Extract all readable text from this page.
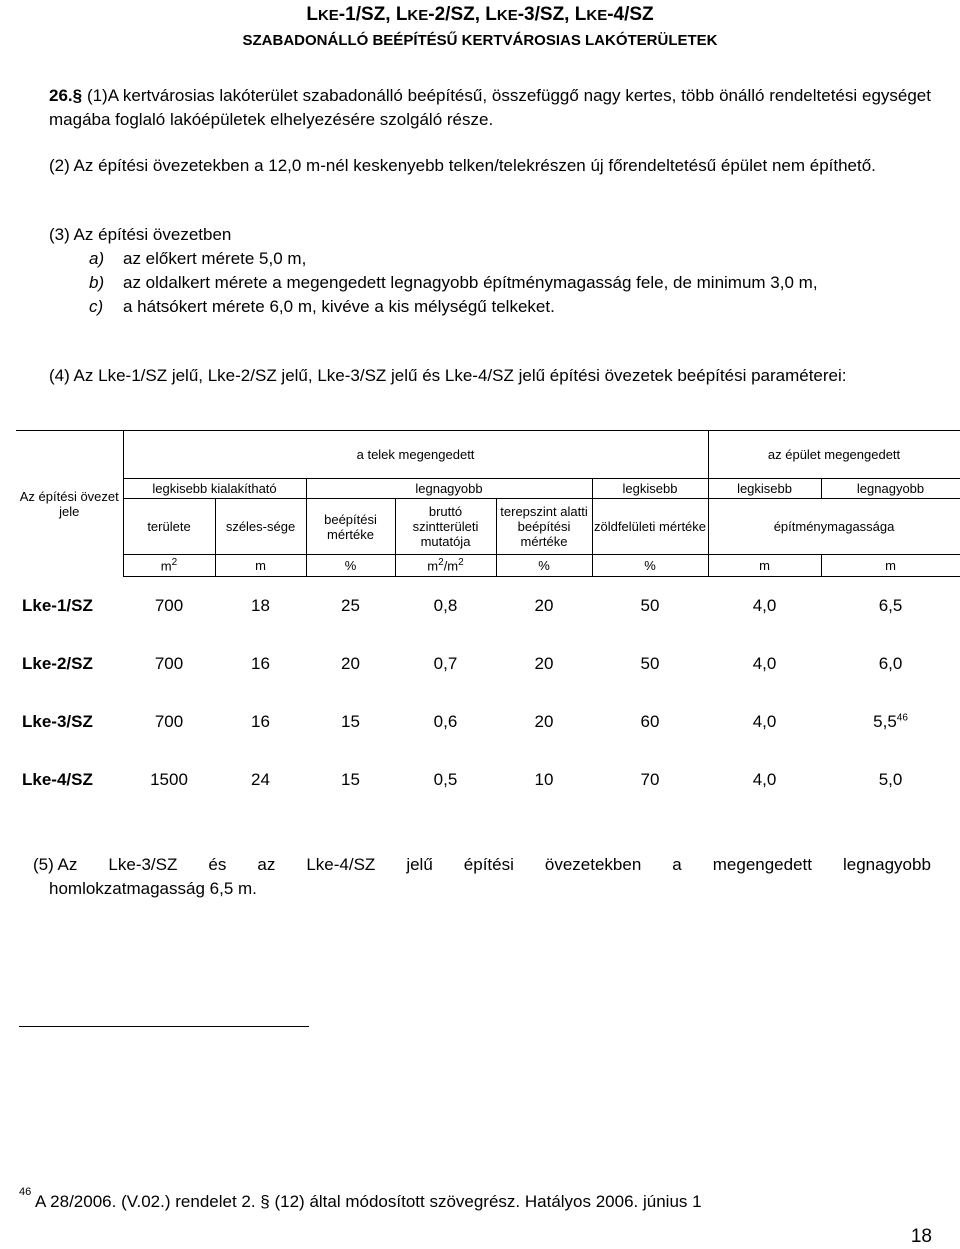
LKE-1/SZ, LKE-2/SZ, LKE-3/SZ, LKE-4/SZ
SZABADONÁLLÓ BEÉPÍTÉSŰ KERTVÁROSIAS LAKÓTERÜLETEK
26.§ (1)A kertvárosias lakóterület szabadonálló beépítésű, összefüggő nagy kertes, több önálló rendeltetési egységet magába foglaló lakóépületek elhelyezésére szolgáló része.
(2) Az építési övezetekben a 12,0 m-nél keskenyebb telken/telekrészen új főrendeltetésű épület nem építhető.
(3) Az építési övezetben
a)	az előkert mérete 5,0 m,
b)	az oldalkert mérete a megengedett legnagyobb építménymagasság fele, de minimum 3,0 m,
c)	a hátsókert mérete 6,0 m, kivéve a kis mélységű telkeket.
(4) Az Lke-1/SZ jelű, Lke-2/SZ jelű, Lke-3/SZ jelű és Lke-4/SZ jelű építési övezetek beépítési paraméterei:
Az építési övezet jele	a telek megengedett						az épület megengedett	
	legkisebb kialakítható		legnagyobb			legkisebb	legkisebb	legnagyobb
	területe	széles-sége	beépítési mértéke	bruttó szintterületi mutatója	terepszint alatti beépítési mértéke	zöldfelületi mértéke	építménymagassága	
	$m^2$	m	%	$m^2/m^2$	%	%	m	m
Lke-1/SZ	700	18	25	0,8	20	50	4,0	6,5
Lke-2/SZ	700	16	20	0,7	20	50	4,0	6,0
Lke-3/SZ	700	16	15	0,6	20	60	4,0	$5,5^{46}$
Lke-4/SZ	1500	24	15	0,5	10	70	4,0	5,0
(5) Az Lke-3/SZ és az Lke-4/SZ jelű építési övezetekben a megengedett legnagyobb
homlokzatmagasság 6,5 m.
$^{46}$ A 28/2006. (V.02.) rendelet 2. § (12) által módosított szövegrész. Hatályos 2006. június 1
18
